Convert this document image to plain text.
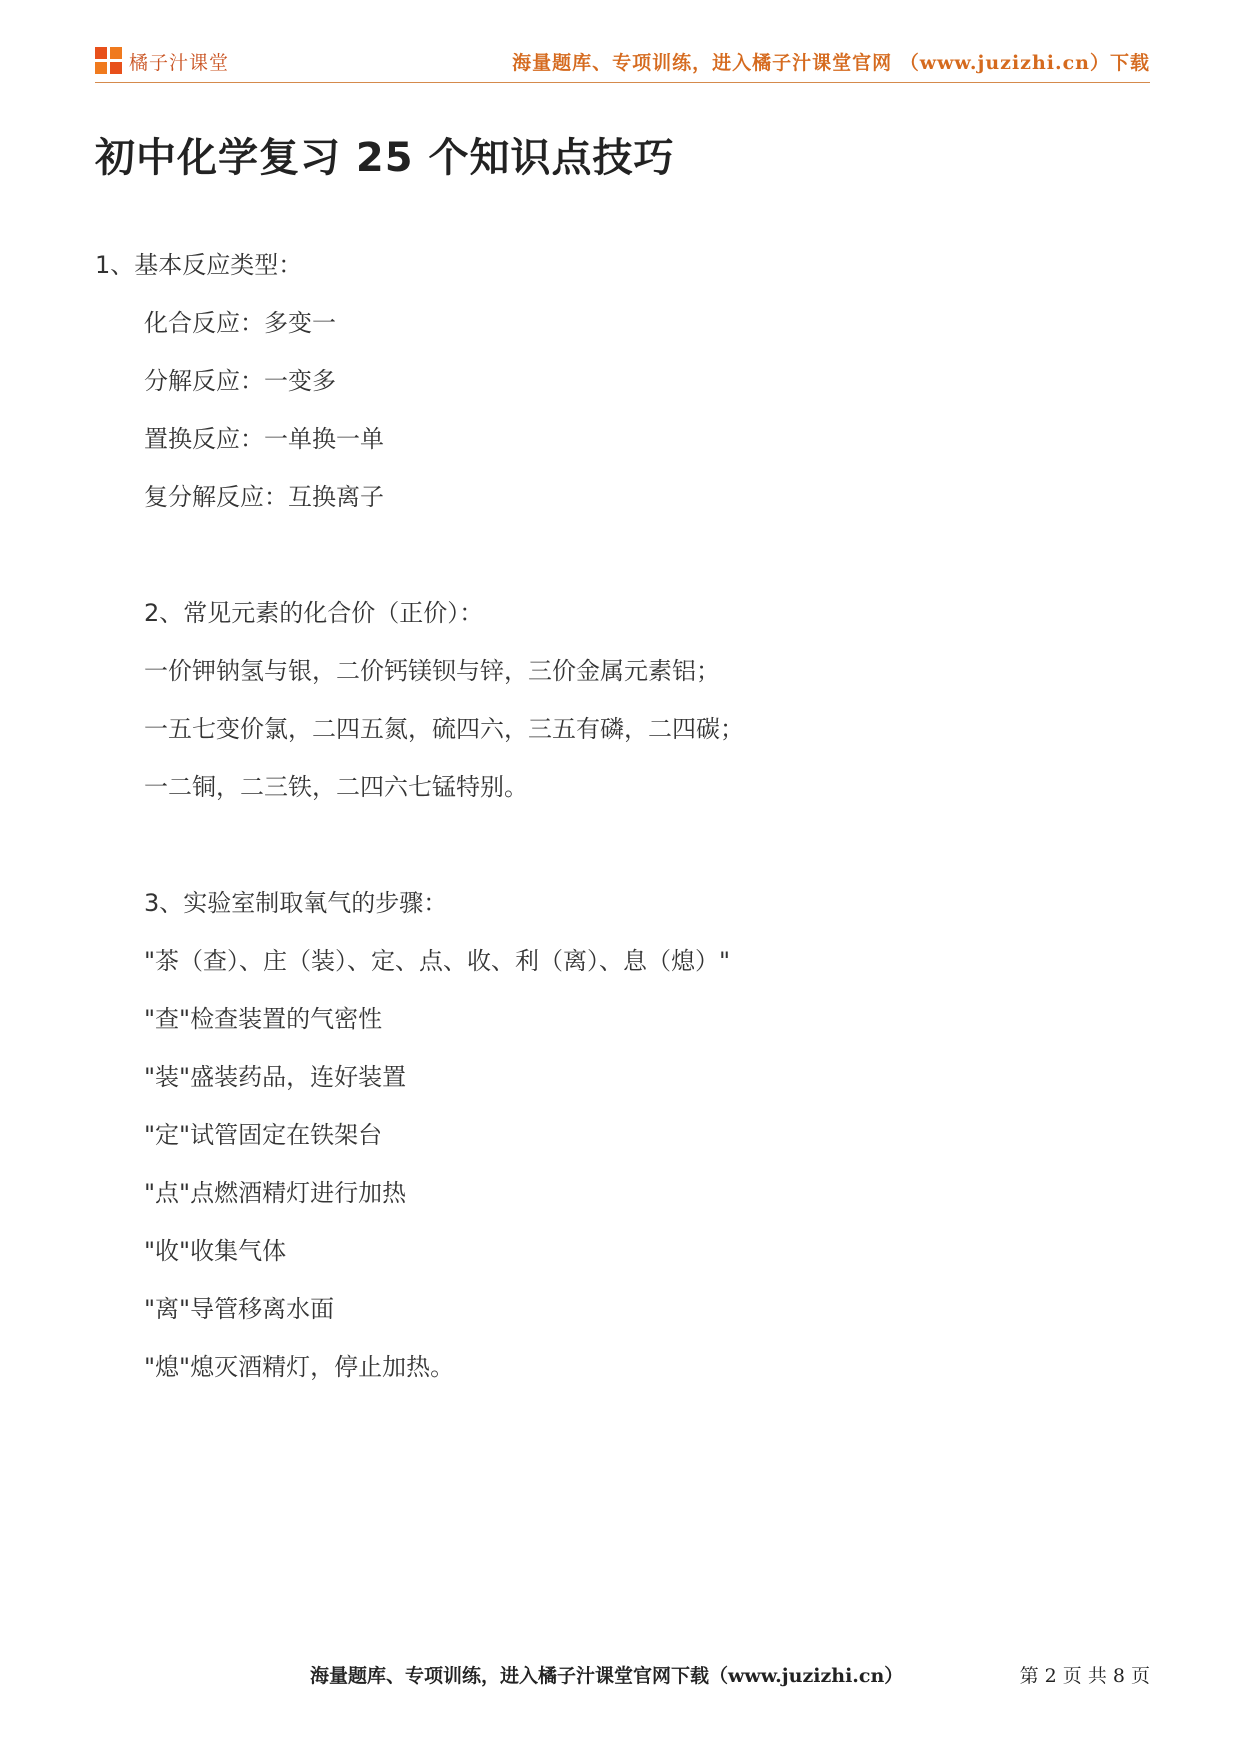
橘子汁课堂	海量题库、专项训练，进入橘子汁课堂官网 （www.juzizhi.cn）下载
初中化学复习 25 个知识点技巧
1、基本反应类型：
化合反应：多变一
分解反应：一变多
置换反应：一单换一单
复分解反应：互换离子
2、常见元素的化合价（正价）：
一价钾钠氢与银，二价钙镁钡与锌，三价金属元素铝；
一五七变价氯，二四五氮，硫四六，三五有磷，二四碳；
一二铜，二三铁，二四六七锰特别。
3、实验室制取氧气的步骤：
"茶（查）、庄（装）、定、点、收、利（离）、息（熄）"
"查"检查装置的气密性
"装"盛装药品，连好装置
"定"试管固定在铁架台
"点"点燃酒精灯进行加热
"收"收集气体
"离"导管移离水面
"熄"熄灭酒精灯，停止加热。
海量题库、专项训练，进入橘子汁课堂官网下载（www.juzizhi.cn）	第 2 页 共 8 页
